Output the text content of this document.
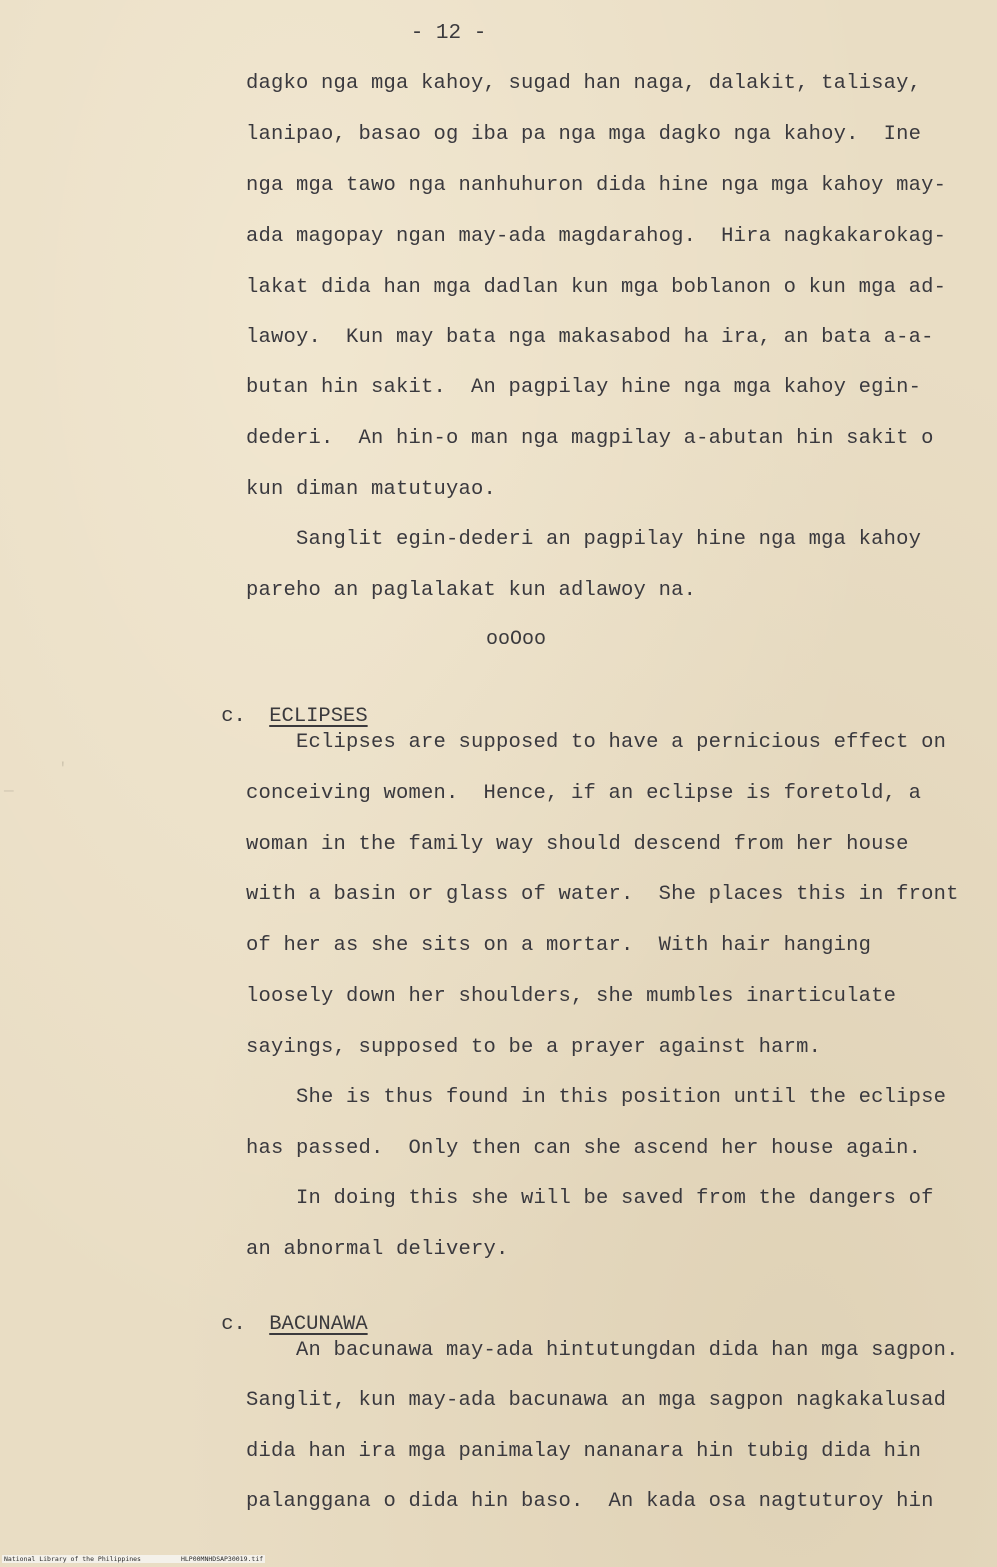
- 12 -
dagko nga mga kahoy, sugad han naga, dalakit, talisay,
lanipao, basao og iba pa nga mga dagko nga kahoy.  Ine
nga mga tawo nga nanhuhuron dida hine nga mga kahoy may-
ada magopay ngan may-ada magdarahog.  Hira nagkakarokag-
lakat dida han mga dadlan kun mga boblanon o kun mga ad-
lawoy.  Kun may bata nga makasabod ha ira, an bata a-a-
butan hin sakit.  An pagpilay hine nga mga kahoy egin-
dederi.  An hin-o man nga magpilay a-abutan hin sakit o
kun diman matutuyao.
Sanglit egin-dederi an pagpilay hine nga mga kahoy
pareho an paglalakat kun adlawoy na.
ooOoo

c. ECLIPSES

Eclipses are supposed to have a pernicious effect on
conceiving women.  Hence, if an eclipse is foretold, a
woman in the family way should descend from her house
with a basin or glass of water.  She places this in front
of her as she sits on a mortar.  With hair hanging
loosely down her shoulders, she mumbles inarticulate
sayings, supposed to be a prayer against harm.
She is thus found in this position until the eclipse
has passed.  Only then can she ascend her house again.
In doing this she will be saved from the dangers of
an abnormal delivery.

c. BACUNAWA

An bacunawa may-ada hintutungdan dida han mga sagpon.
Sanglit, kun may-ada bacunawa an mga sagpon nagkakalusad
dida han ira mga panimalay nananara hin tubig dida hin
palanggana o dida hin baso.  An kada osa nagtuturoy hin
—
′
National Library of the Philippines	HLP00MNHDSAP30019.tif
